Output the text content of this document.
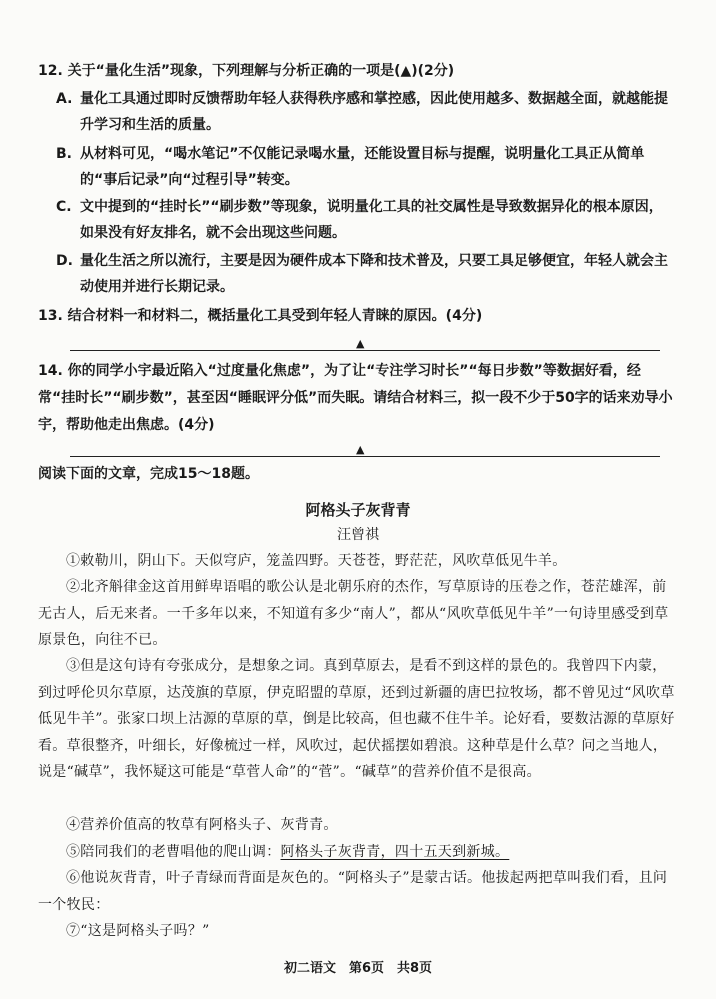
12. 关于“量化生活”现象，下列理解与分析正确的一项是(▲)(2分)
A. 量化工具通过即时反馈帮助年轻人获得秩序感和掌控感，因此使用越多、数据越全面，就越能提升学习和生活的质量。
B. 从材料可见，“喝水笔记”不仅能记录喝水量，还能设置目标与提醒，说明量化工具正从简单的“事后记录”向“过程引导”转变。
C. 文中提到的“挂时长”“刷步数”等现象，说明量化工具的社交属性是导致数据异化的根本原因，如果没有好友排名，就不会出现这些问题。
D. 量化生活之所以流行，主要是因为硬件成本下降和技术普及，只要工具足够便宜，年轻人就会主动使用并进行长期记录。
13. 结合材料一和材料二，概括量化工具受到年轻人青睐的原因。(4分)
▲
14. 你的同学小宇最近陷入“过度量化焦虑”，为了让“专注学习时长”“每日步数”等数据好看，经常“挂时长”“刷步数”，甚至因“睡眠评分低”而失眠。请结合材料三，拟一段不少于50字的话来劝导小宇，帮助他走出焦虑。(4分)
▲
阅读下面的文章，完成15～18题。
阿格头子灰背青
汪曾祺
①敕勒川，阴山下。天似穹庐，笼盖四野。天苍苍，野茫茫，风吹草低见牛羊。
②北齐斛律金这首用鲜卑语唱的歌公认是北朝乐府的杰作，写草原诗的压卷之作，苍茫雄浑，前无古人，后无来者。一千多年以来，不知道有多少“南人”，都从“风吹草低见牛羊”一句诗里感受到草原景色，向往不已。
③但是这句诗有夸张成分，是想象之词。真到草原去，是看不到这样的景色的。我曾四下内蒙，到过呼伦贝尔草原，达茂旗的草原，伊克昭盟的草原，还到过新疆的唐巴拉牧场，都不曾见过“风吹草低见牛羊”。张家口坝上沽源的草原的草，倒是比较高，但也藏不住牛羊。论好看，要数沽源的草原好看。草很整齐，叶细长，好像梳过一样，风吹过，起伏摇摆如碧浪。这种草是什么草？问之当地人，说是“碱草”，我怀疑这可能是“草菅人命”的“菅”。“碱草”的营养价值不是很高。
④营养价值高的牧草有阿格头子、灰背青。
⑤陪同我们的老曹唱他的爬山调：阿格头子灰背青，四十五天到新城。
⑥他说灰背青，叶子青绿而背面是灰色的。“阿格头子”是蒙古话。他拔起两把草叫我们看，且问一个牧民：
⑦“这是阿格头子吗？”
初二语文　第6页　共8页
